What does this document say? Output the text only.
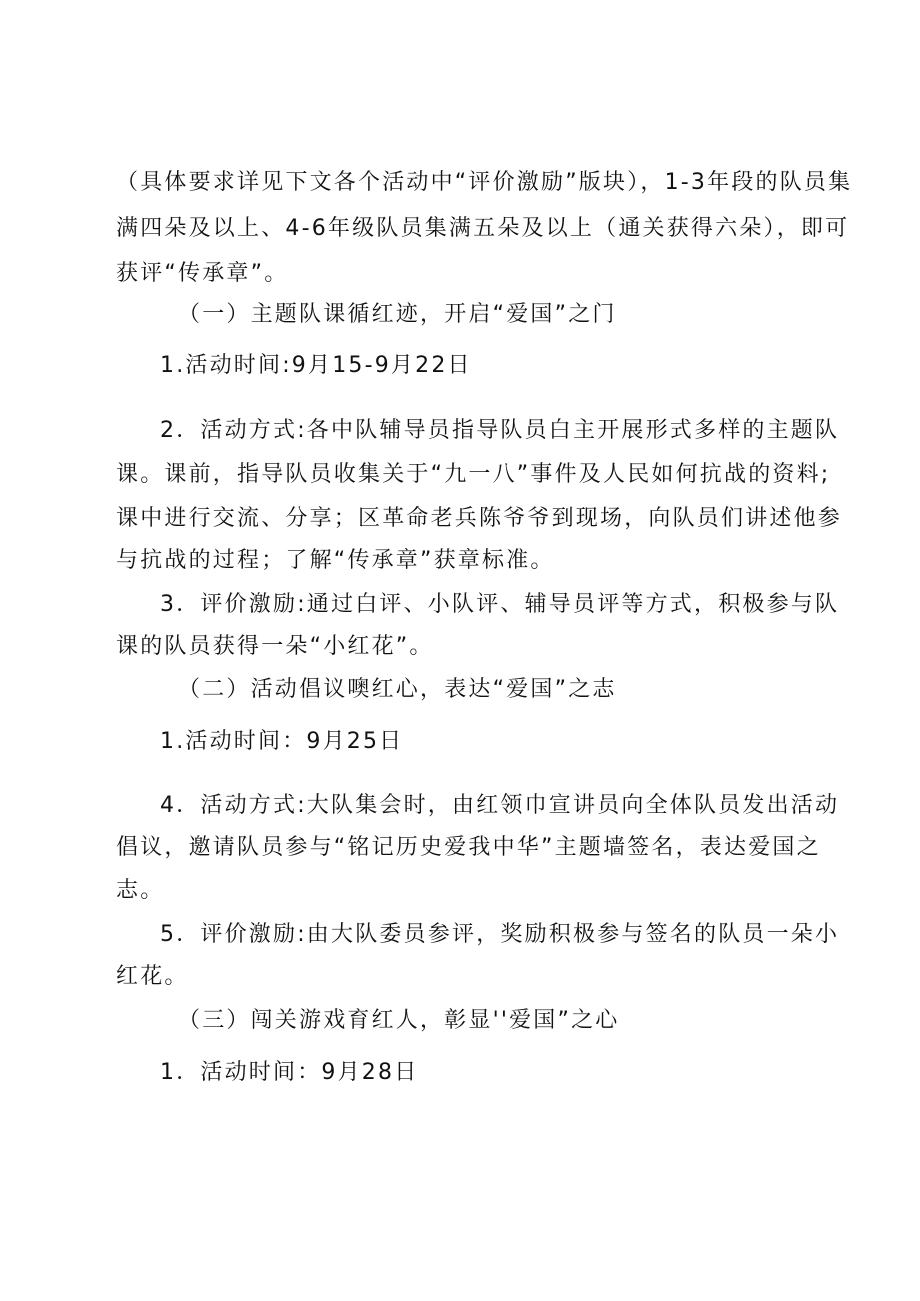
（具体要求详见下文各个活动中“评价激励”版块），1-3年段的队员集

满四朵及以上、4-6年级队员集满五朵及以上（通关获得六朵），即可

获评“传承章”。

（一）主题队课循红迹，开启“爱国”之门

1.活动时间:9月15-9月22日

2．活动方式:各中队辅导员指导队员白主开展形式多样的主题队

课。课前，指导队员收集关于“九一八”事件及人民如何抗战的资料;

课中进行交流、分享；区革命老兵陈爷爷到现场，向队员们讲述他参

与抗战的过程；了解“传承章”获章标准。

3．评价激励:通过白评、小队评、辅导员评等方式，积极参与队

课的队员获得一朵“小红花”。

（二）活动倡议噢红心，表达“爱国”之志

1.活动时间：9月25日

4．活动方式:大队集会时，由红领巾宣讲员向全体队员发出活动

倡议，邀请队员参与“铭记历史爱我中华”主题墙签名，表达爱国之

志。

5．评价激励:由大队委员参评，奖励积极参与签名的队员一朵小

红花。

（三）闯关游戏育红人，彰显''爱国”之心

1．活动时间：9月28日
